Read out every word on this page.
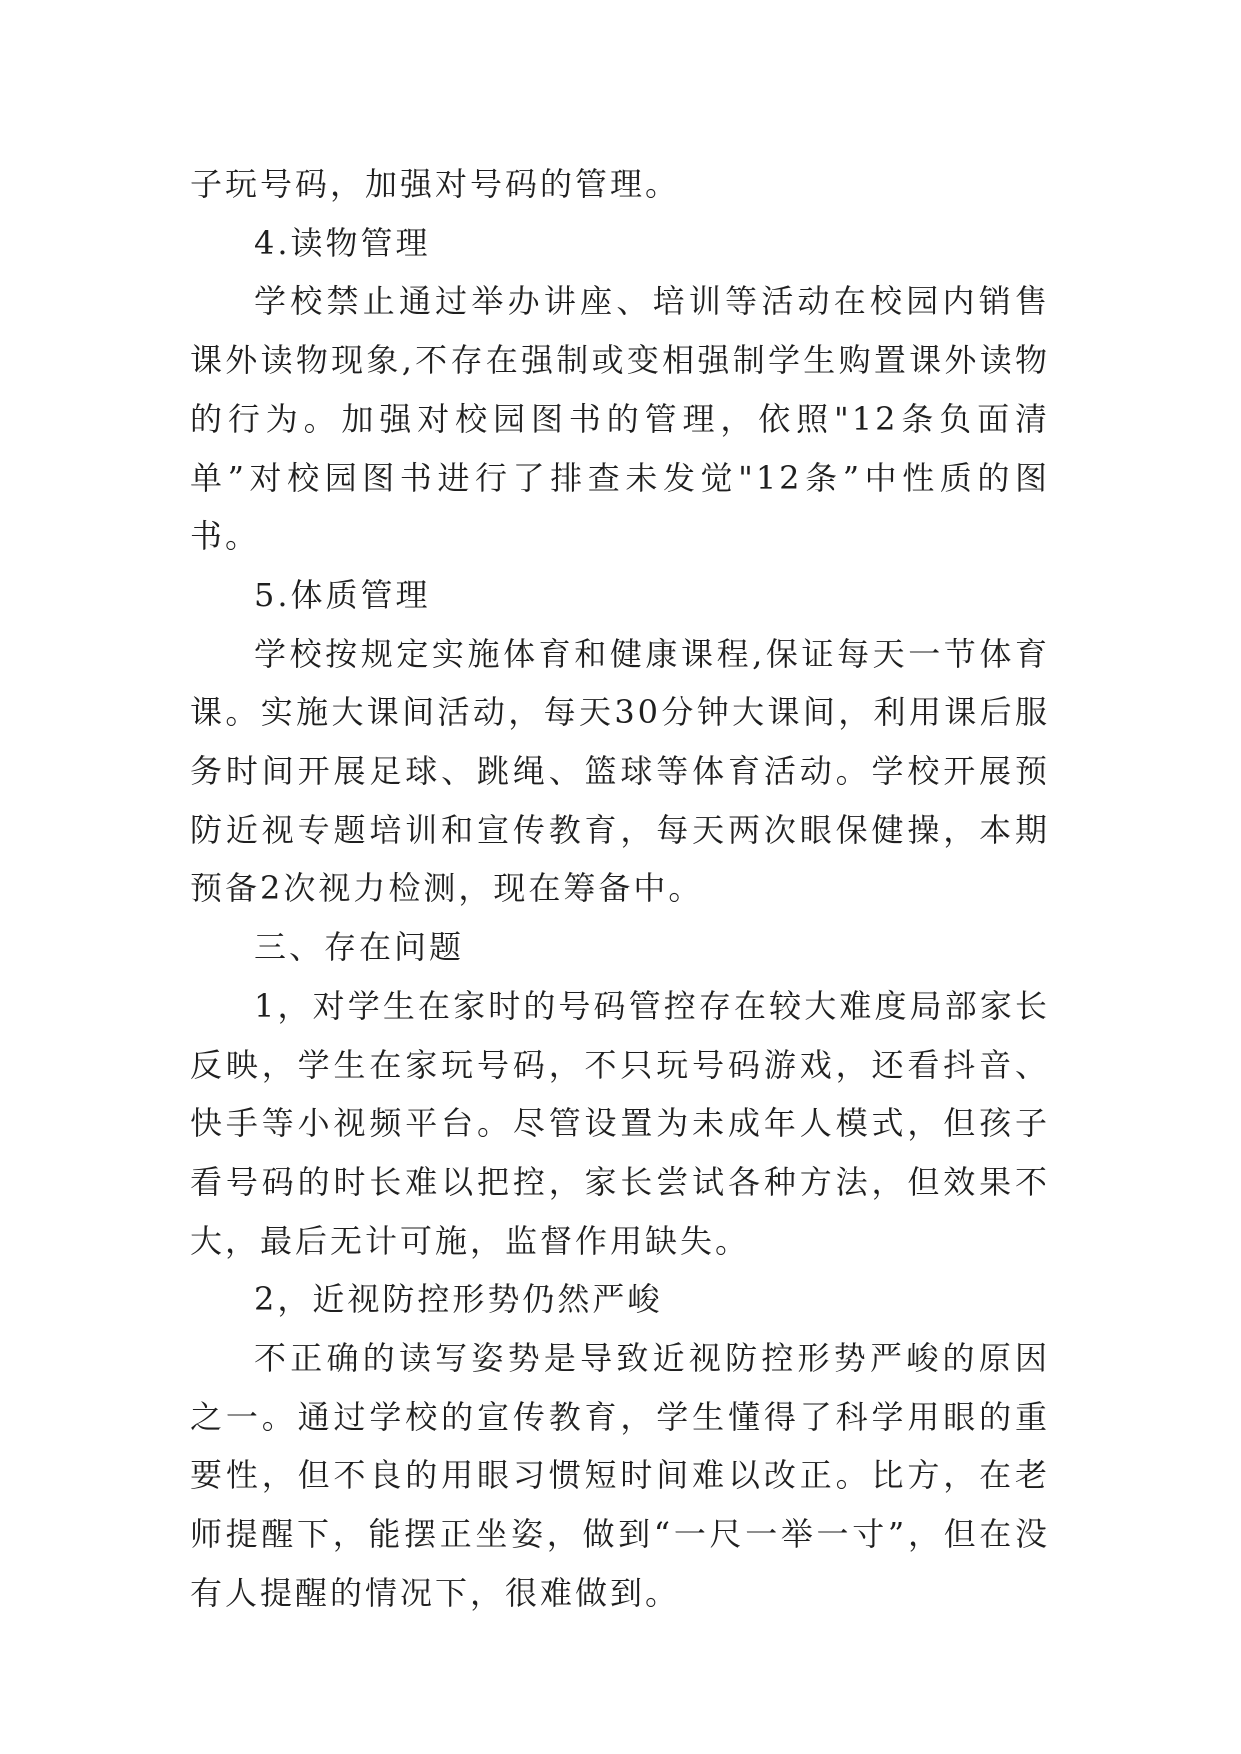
子玩号码，加强对号码的管理。

4.读物管理

学校禁止通过举办讲座、培训等活动在校园内销售课外读物现象,不存在强制或变相强制学生购置课外读物的行为。加强对校园图书的管理，依照"12条负面清单”对校园图书进行了排查未发觉"12条”中性质的图书。

5.体质管理

学校按规定实施体育和健康课程,保证每天一节体育课。实施大课间活动，每天30分钟大课间，利用课后服务时间开展足球、跳绳、篮球等体育活动。学校开展预防近视专题培训和宣传教育，每天两次眼保健操，本期预备2次视力检测，现在筹备中。

三、存在问题

1，对学生在家时的号码管控存在较大难度局部家长反映，学生在家玩号码，不只玩号码游戏，还看抖音、快手等小视频平台。尽管设置为未成年人模式，但孩子看号码的时长难以把控，家长尝试各种方法，但效果不大，最后无计可施，监督作用缺失。

2，近视防控形势仍然严峻

不正确的读写姿势是导致近视防控形势严峻的原因之一。通过学校的宣传教育，学生懂得了科学用眼的重要性，但不良的用眼习惯短时间难以改正。比方，在老师提醒下，能摆正坐姿，做到“一尺一举一寸”，但在没有人提醒的情况下，很难做到。
